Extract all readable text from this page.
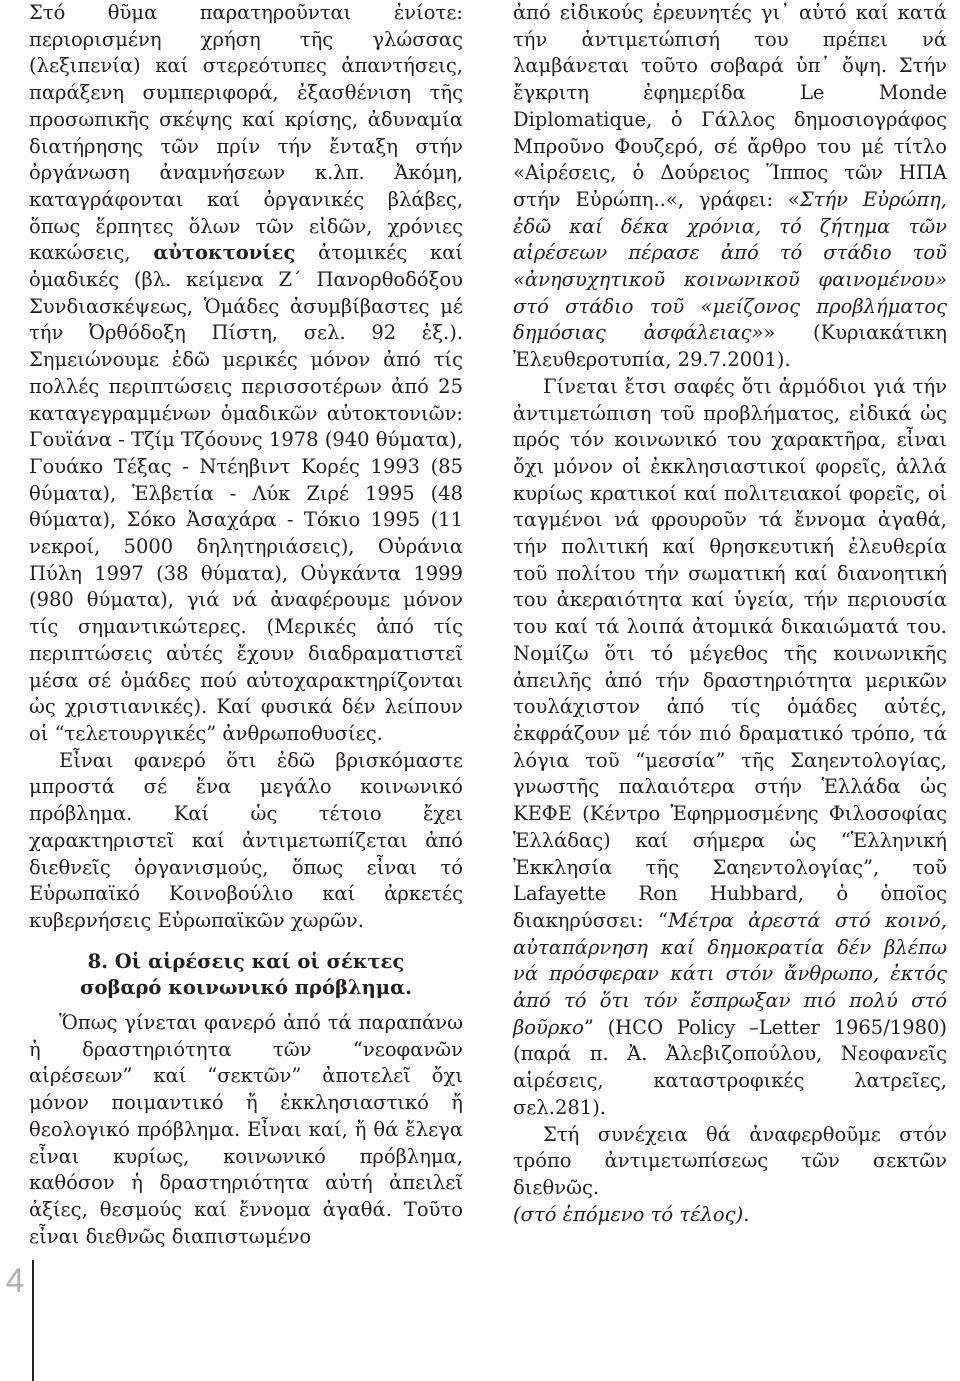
Στό θῦμα παρατηροῦνται ἐνίοτε: περιορισμένη χρήση τῆς γλώσσας (λεξιπενία) καί στερεότυπες ἀπαντήσεις, παράξενη συμπεριφορά, ἐξασθένιση τῆς προσωπικῆς σκέψης καί κρίσης, ἀδυναμία διατήρησης τῶν πρίν τήν ἔνταξη στήν ὀργάνωση ἀναμνήσεων κ.λπ. Ἀκόμη, καταγράφονται καί ὀργανικές βλάβες, ὅπως ἕρπητες ὅλων τῶν εἰδῶν, χρόνιες κακώσεις, αὐτοκτονίες ἀτομικές καί ὁμαδικές (βλ. κείμενα Ζ΄ Πανορθοδόξου Συνδιασκέψεως, Ὁμάδες ἀσυμβίβαστες μέ τήν Ὀρθόδοξη Πίστη, σελ. 92 ἑξ.). Σημειώνουμε ἐδῶ μερικές μόνον ἀπό τίς πολλές περιπτώσεις περισσοτέρων ἀπό 25 καταγεγραμμένων ὁμαδικῶν αὐτοκτονιῶν: Γουϊάνα - Τζίμ Τζόουνς 1978 (940 θύματα), Γουάκο Τέξας - Ντέηβιντ Κορές 1993 (85 θύματα), Ἑλβετία - Λύκ Ζιρέ 1995 (48 θύματα), Σόκο Ἀσαχάρα - Τόκιο 1995 (11 νεκροί, 5000 δηλητηριάσεις), Οὐράνια Πύλη 1997 (38 θύματα), Οὐγκάντα 1999 (980 θύματα), γιά νά ἀναφέρουμε μόνον τίς σημαντικώτερες. (Μερικές ἀπό τίς περιπτώσεις αὐτές ἔχουν διαδραματιστεῖ μέσα σέ ὁμάδες πού αὐτοχαρακτηρίζονται ὡς χριστιανικές). Καί φυσικά δέν λείπουν οἱ “τελετουργικές” ἀνθρωποθυσίες.

Εἶναι φανερό ὅτι ἐδῶ βρισκόμαστε μπροστά σέ ἕνα μεγάλο κοινωνικό πρόβλημα. Καί ὡς τέτοιο ἔχει χαρακτηριστεῖ καί ἀντιμετωπίζεται ἀπό διεθνεῖς ὀργανισμούς, ὅπως εἶναι τό Εὐρωπαϊκό Κοινοβούλιο καί ἀρκετές κυβερνήσεις Εὐρωπαϊκῶν χωρῶν.

8. Οἱ αἱρέσεις καί οἱ σέκτες
σοβαρό κοινωνικό πρόβλημα.

Ὅπως γίνεται φανερό ἀπό τά παραπάνω ἡ δραστηριότητα τῶν “νεοφανῶν αἱρέσεων” καί “σεκτῶν” ἀποτελεῖ ὄχι μόνον ποιμαντικό ἤ ἐκκλησιαστικό ἤ θεολογικό πρόβλημα. Εἶναι καί, ἤ θά ἔλεγα εἶναι κυρίως, κοινωνικό πρόβλημα, καθόσον ἡ δραστηριότητα αὐτή ἀπειλεῖ ἀξίες, θεσμούς καί ἔννομα ἀγαθά. Τοῦτο εἶναι διεθνῶς διαπιστωμένο

ἀπό εἰδικούς ἐρευνητές γι᾽ αὐτό καί κατά τήν ἀντιμετώπισή του πρέπει νά λαμβάνεται τοῦτο σοβαρά ὑπ᾽ ὄψη. Στήν ἔγκριτη ἐφημερίδα Le Monde Diplomatique, ὁ Γάλλος δημοσιογράφος Μπροῦνο Φουζερό, σέ ἄρθρο του μέ τίτλο «Αἱρέσεις, ὁ Δούρειος Ἵππος τῶν ΗΠΑ στήν Εὐρώπη..«, γράφει: «Στήν Εὐρώπη, ἐδῶ καί δέκα χρόνια, τό ζήτημα τῶν αἱρέσεων πέρασε ἀπό τό στάδιο τοῦ «ἀνησυχητικοῦ κοινωνικοῦ φαινομένου» στό στάδιο τοῦ «μείζονος προβλήματος δημόσιας ἀσφάλειας»» (Κυριακάτικη Ἐλευθεροτυπία, 29.7.2001).

Γίνεται ἔτσι σαφές ὅτι ἁρμόδιοι γιά τήν ἀντιμετώπιση τοῦ προβλήματος, εἰδικά ὡς πρός τόν κοινωνικό του χαρακτῆρα, εἶναι ὄχι μόνον οἱ ἐκκλησιαστικοί φορεῖς, ἀλλά κυρίως κρατικοί καί πολιτειακοί φορεῖς, οἱ ταγμένοι νά φρουροῦν τά ἔννομα ἀγαθά, τήν πολιτική καί θρησκευτική ἐλευθερία τοῦ πολίτου τήν σωματική καί διανοητική του ἀκεραιότητα καί ὑγεία, τήν περιουσία του καί τά λοιπά ἀτομικά δικαιώματά του. Νομίζω ὅτι τό μέγεθος τῆς κοινωνικῆς ἀπειλῆς ἀπό τήν δραστηριότητα μερικῶν τουλάχιστον ἀπό τίς ὁμάδες αὐτές, ἐκφράζουν μέ τόν πιό δραματικό τρόπο, τά λόγια τοῦ “μεσσία” τῆς Σαηεντολογίας, γνωστῆς παλαιότερα στήν Ἑλλάδα ὡς ΚΕΦΕ (Κέντρο Ἐφηρμοσμένης Φιλοσοφίας Ἑλλάδας) καί σήμερα ὡς “Ἑλληνική Ἐκκλησία τῆς Σαηεντολογίας”, τοῦ Lafayette Ron Hubbard, ὁ ὁποῖος διακηρύσσει: “Μέτρα ἀρεστά στό κοινό, αὐταπάρνηση καί δημοκρατία δέν βλέπω νά πρόσφεραν κάτι στόν ἄνθρωπο, ἐκτός ἀπό τό ὅτι τόν ἔσπρωξαν πιό πολύ στό βοῦρκο” (HCO Policy –Letter 1965/1980) (παρά π. Ἀ. Ἀλεβιζοπούλου, Νεοφανεῖς αἱρέσεις, καταστροφικές λατρεῖες, σελ.281).

Στή συνέχεια θά ἀναφερθοῦμε στόν τρόπο ἀντιμετωπίσεως τῶν σεκτῶν διεθνῶς.

(στό ἑπόμενο τό τέλος).

4
